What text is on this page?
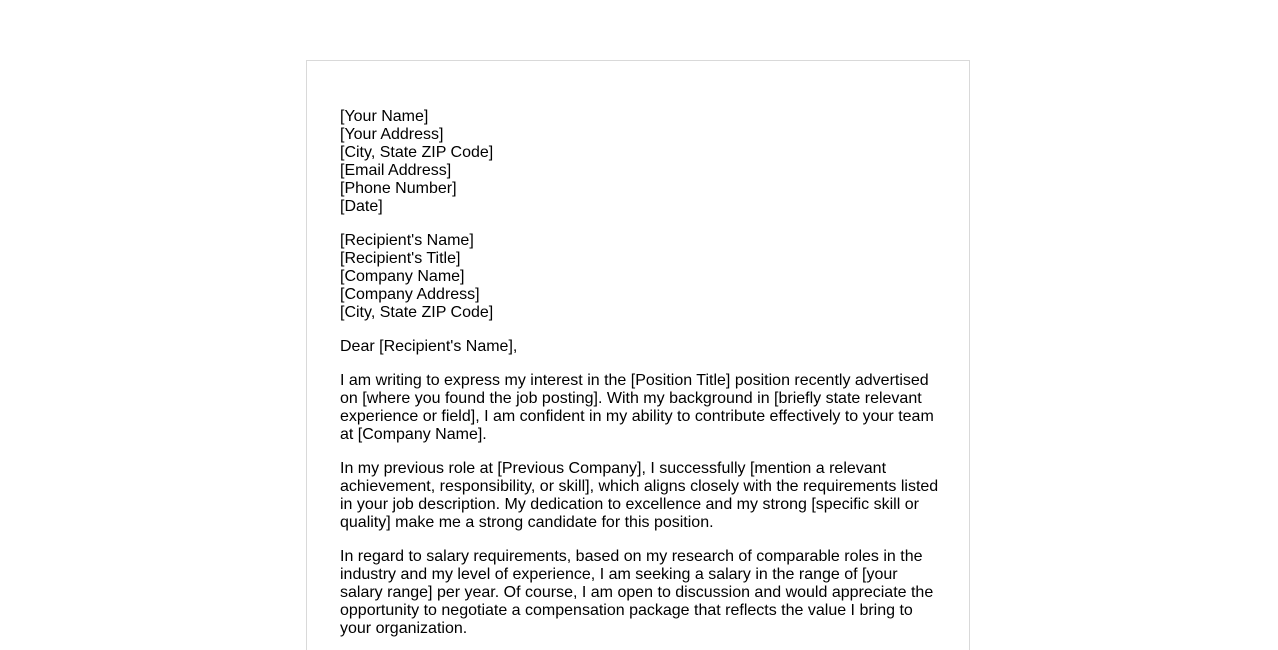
[Your Name]
[Your Address]
[City, State ZIP Code]
[Email Address]
[Phone Number]
[Date]
[Recipient's Name]
[Recipient's Title]
[Company Name]
[Company Address]
[City, State ZIP Code]

Dear [Recipient's Name],

I am writing to express my interest in the [Position Title] position recently advertised on [where you found the job posting]. With my background in [briefly state relevant experience or field], I am confident in my ability to contribute effectively to your team at [Company Name].

In my previous role at [Previous Company], I successfully [mention a relevant achievement, responsibility, or skill], which aligns closely with the requirements listed in your job description. My dedication to excellence and my strong [specific skill or quality] make me a strong candidate for this position.

In regard to salary requirements, based on my research of comparable roles in the industry and my level of experience, I am seeking a salary in the range of [your salary range] per year. Of course, I am open to discussion and would appreciate the opportunity to negotiate a compensation package that reflects the value I bring to your organization.
